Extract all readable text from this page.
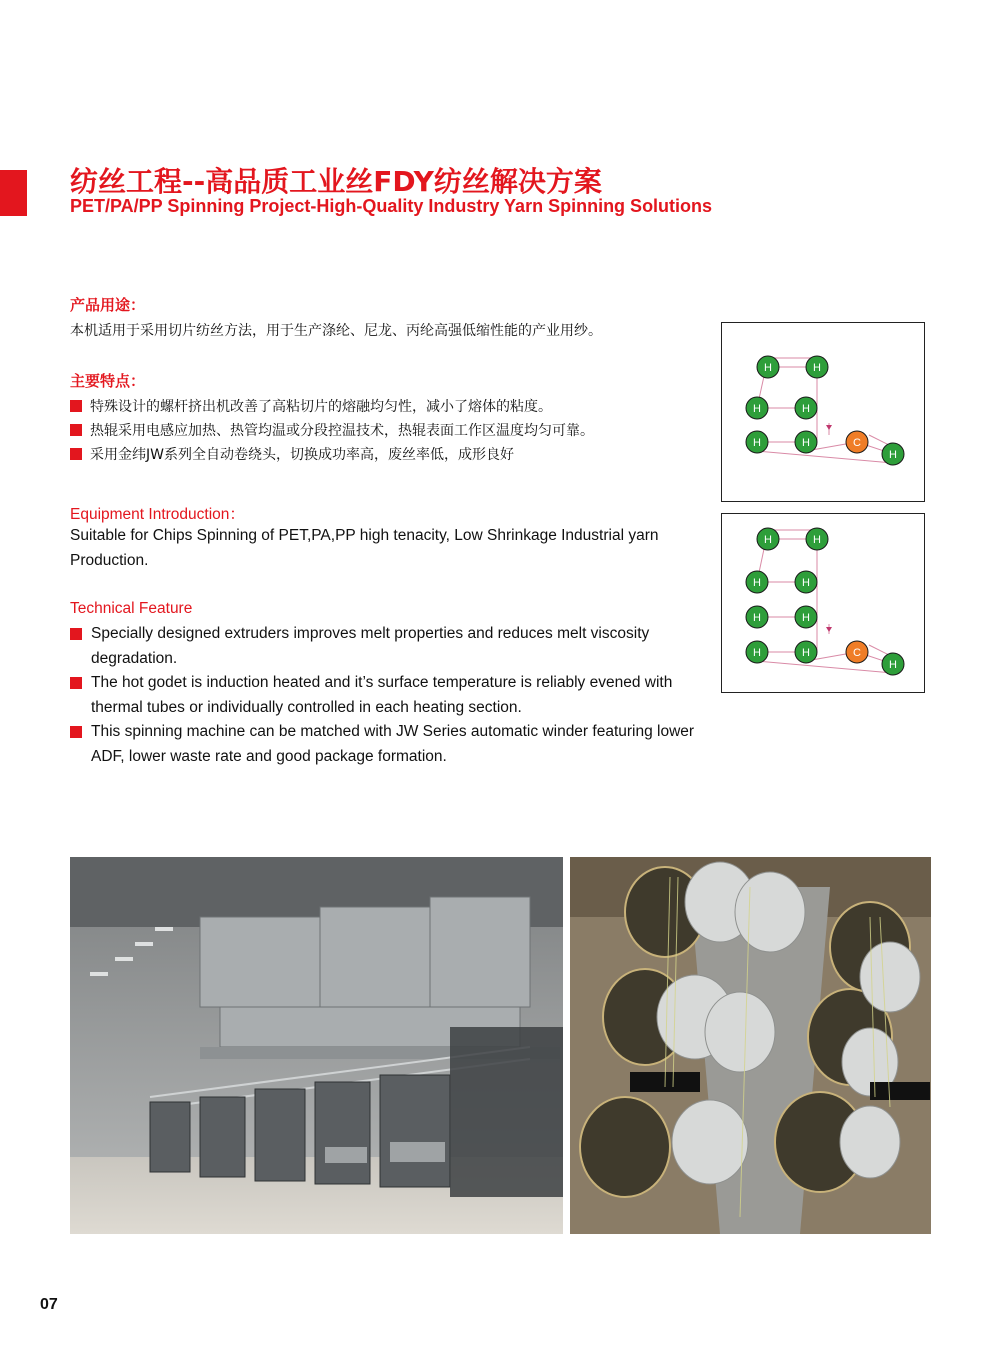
纺丝工程--高品质工业丝FDY纺丝解决方案
PET/PA/PP Spinning Project-High-Quality Industry Yarn Spinning Solutions
产品用途：
本机适用于采用切片纺丝方法，用于生产涤纶、尼龙、丙纶高强低缩性能的产业用纱。
主要特点：
特殊设计的螺杆挤出机改善了高粘切片的熔融均匀性，减小了熔体的粘度。
热辊采用电感应加热、热管均温或分段控温技术，热辊表面工作区温度均匀可靠。
采用金纬JW系列全自动卷绕头，切换成功率高，废丝率低，成形良好
Equipment Introduction：
Suitable for Chips Spinning of PET,PA,PP high tenacity, Low Shrinkage Industrial yarn Production.
Technical Feature
Specially designed extruders improves melt properties and reduces melt viscosity degradation.
The hot godet is induction heated and it’s surface temperature is reliably evened with thermal tubes or individually controlled in each heating section.
This spinning machine can be matched with JW Series automatic winder featuring lower ADF, lower waste rate and good package formation.
H	H
H	H
H	H	C
H
H	H
H	H
H	H
H	H	C
H
07
